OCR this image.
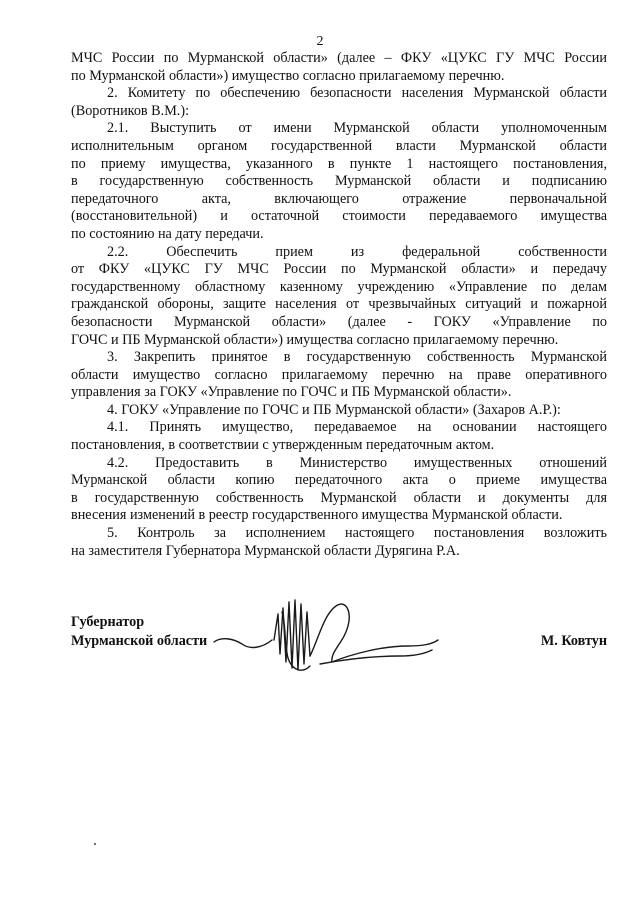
2
МЧС России по Мурманской области» (далее – ФКУ «ЦУКС ГУ МЧС России
по Мурманской области») имущество согласно прилагаемому перечню.
2. Комитету по обеспечению безопасности населения Мурманской области
(Воротников В.М.):
2.1. Выступить от имени Мурманской области уполномоченным
исполнительным органом государственной власти Мурманской области
по приему имущества, указанного в пункте 1 настоящего постановления,
в государственную собственность Мурманской области и подписанию
передаточного акта, включающего отражение первоначальной
(восстановительной) и остаточной стоимости передаваемого имущества
по состоянию на дату передачи.
2.2. Обеспечить прием из федеральной собственности
от ФКУ «ЦУКС ГУ МЧС России по Мурманской области» и передачу
государственному областному казенному учреждению «Управление по делам
гражданской обороны, защите населения от чрезвычайных ситуаций и пожарной
безопасности Мурманской области» (далее - ГОКУ «Управление по
ГОЧС и ПБ Мурманской области») имущества согласно прилагаемому перечню.
3. Закрепить принятое в государственную собственность Мурманской
области имущество согласно прилагаемому перечню на праве оперативного
управления за ГОКУ «Управление по ГОЧС и ПБ Мурманской области».
4. ГОКУ «Управление по ГОЧС и ПБ Мурманской области» (Захаров А.Р.):
4.1. Принять имущество, передаваемое на основании настоящего
постановления, в соответствии с утвержденным передаточным актом.
4.2. Предоставить в Министерство имущественных отношений
Мурманской области копию передаточного акта о приеме имущества
в государственную собственность Мурманской области и документы для
внесения изменений в реестр государственного имущества Мурманской области.
5. Контроль за исполнением настоящего постановления возложить
на заместителя Губернатора Мурманской области Дурягина Р.А.
Губернатор
Мурманской области	М. Ковтун
